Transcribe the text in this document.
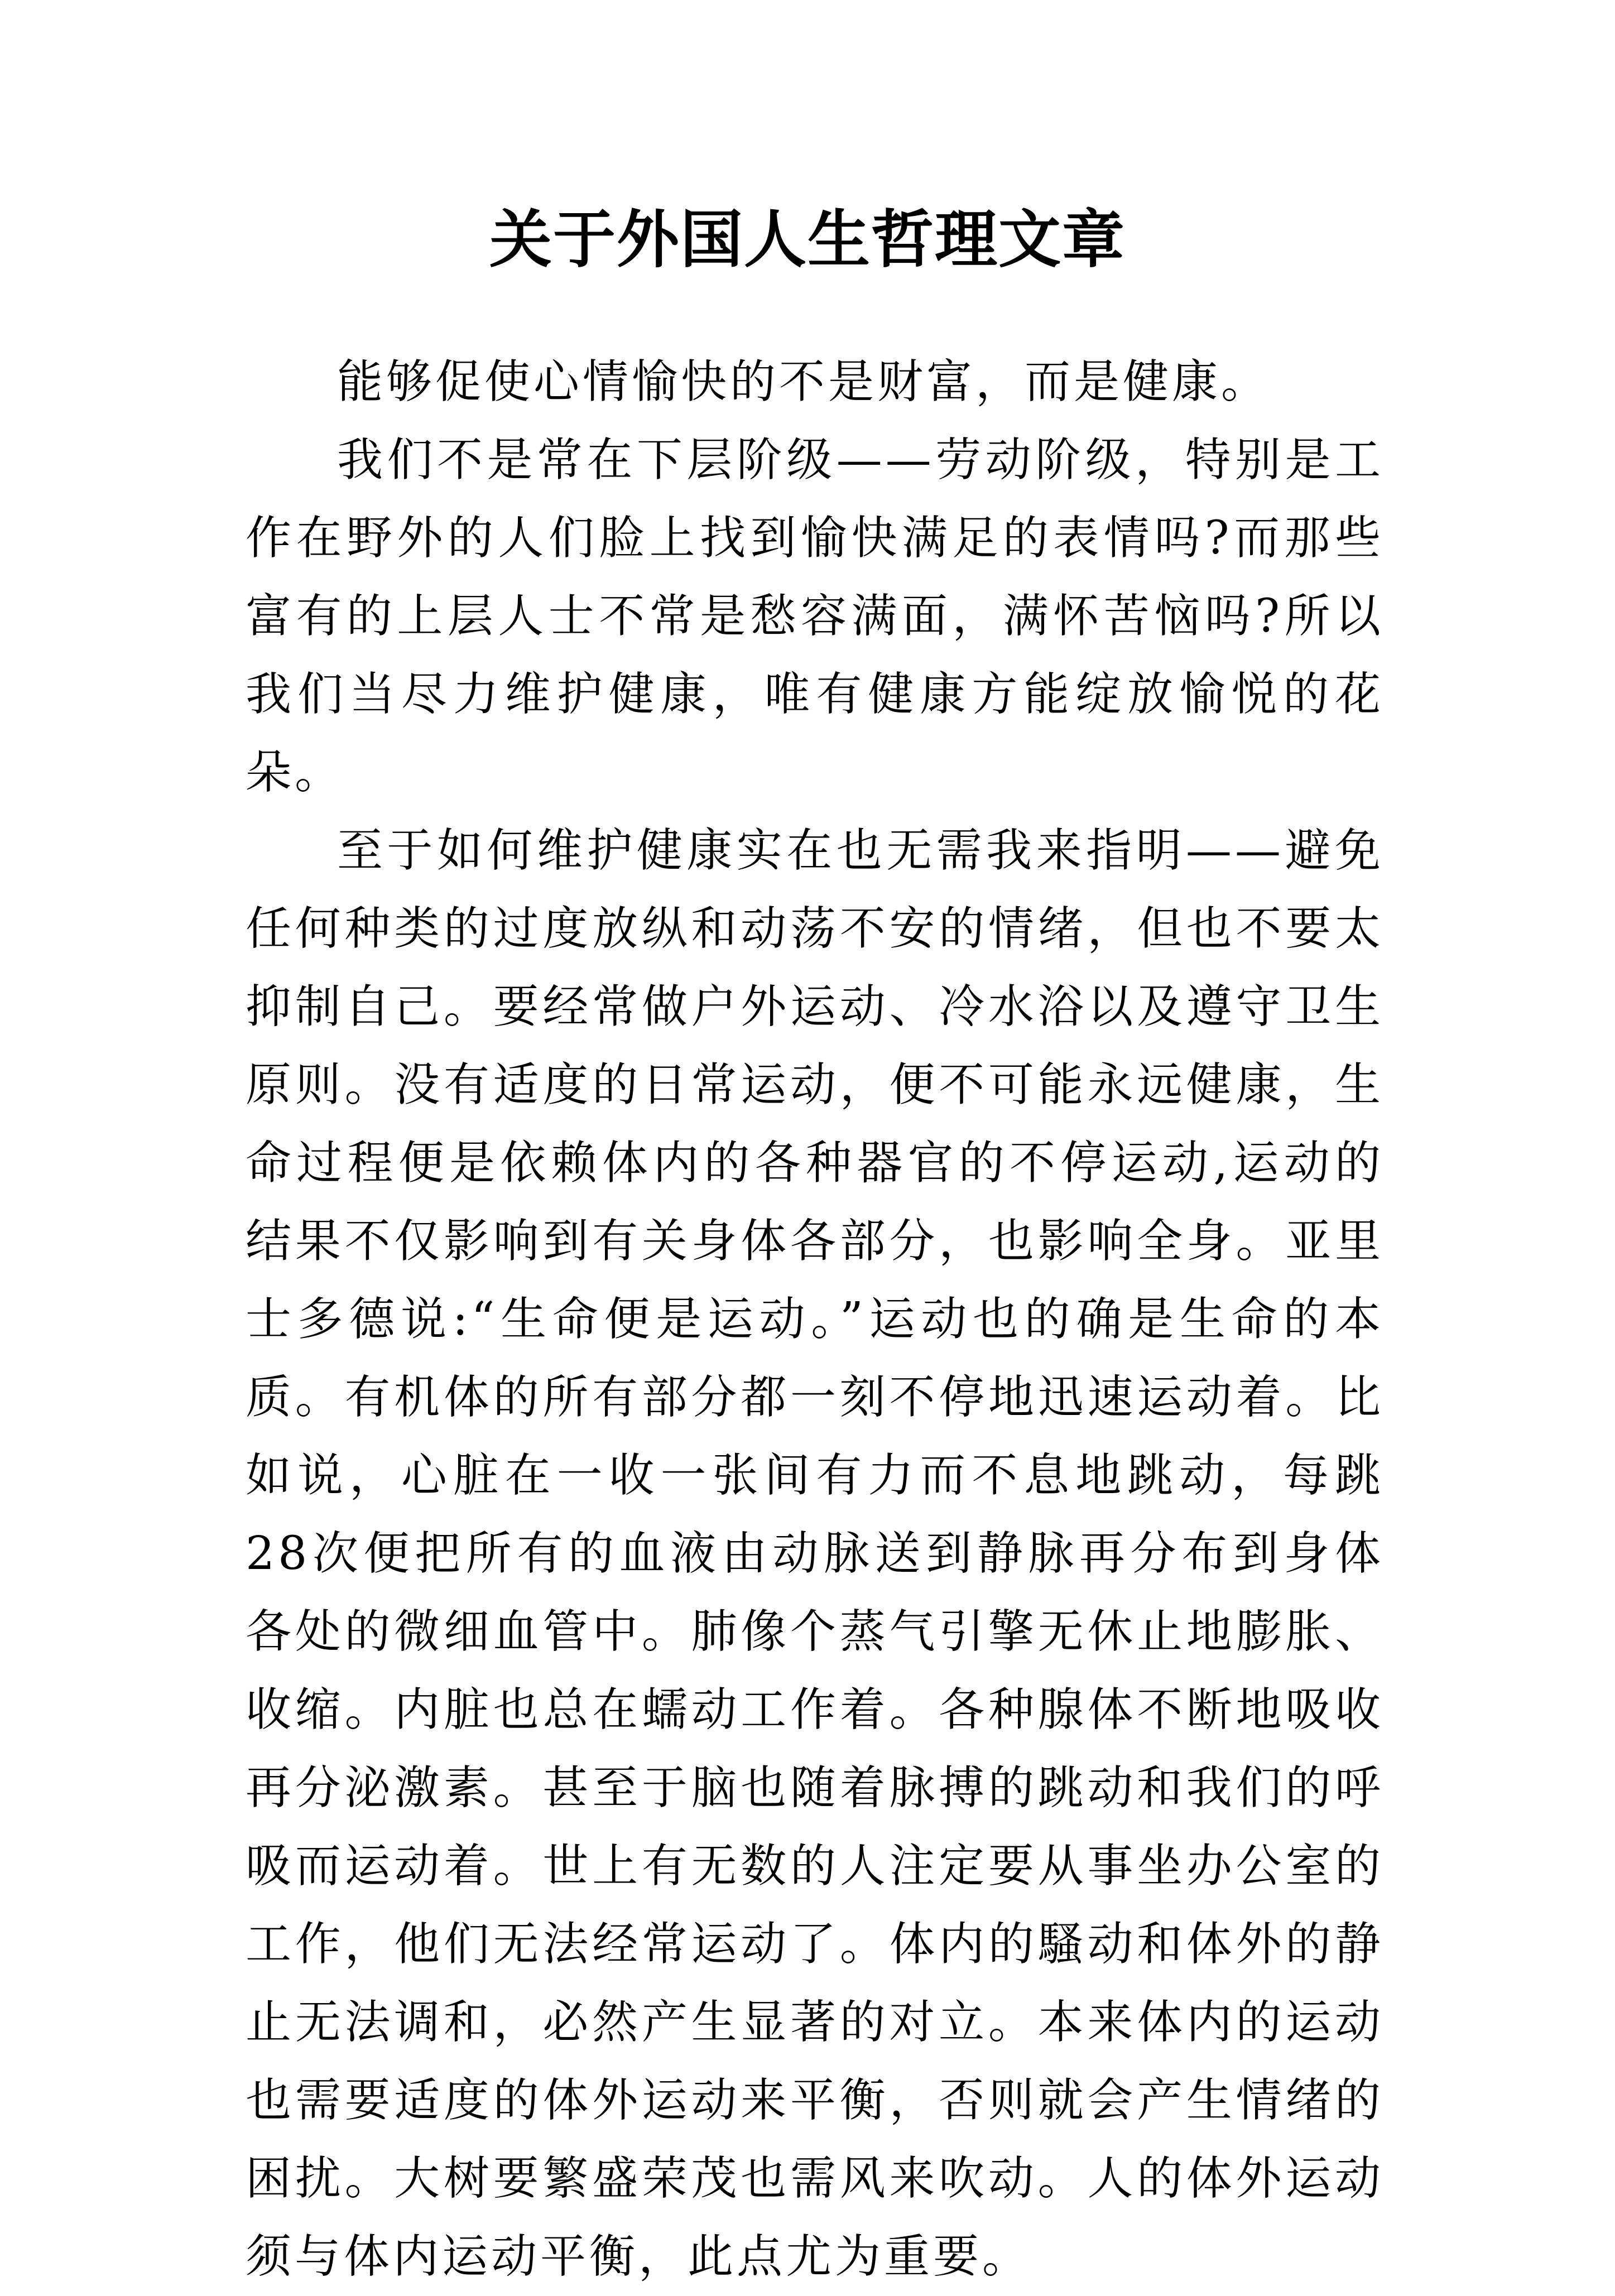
关于外国人生哲理文章

能够促使心情愉快的不是财富，而是健康。

我们不是常在下层阶级——劳动阶级，特别是工作在野外的人们脸上找到愉快满足的表情吗?而那些富有的上层人士不常是愁容满面，满怀苦恼吗?所以我们当尽力维护健康，唯有健康方能绽放愉悦的花朵。

至于如何维护健康实在也无需我来指明——避免任何种类的过度放纵和动荡不安的情绪，但也不要太抑制自己。要经常做户外运动、冷水浴以及遵守卫生原则。没有适度的日常运动，便不可能永远健康，生命过程便是依赖体内的各种器官的不停运动,运动的结果不仅影响到有关身体各部分，也影响全身。亚里士多德说:“生命便是运动。”运动也的确是生命的本质。有机体的所有部分都一刻不停地迅速运动着。比如说，心脏在一收一张间有力而不息地跳动，每跳28次便把所有的血液由动脉送到静脉再分布到身体各处的微细血管中。肺像个蒸气引擎无休止地膨胀、收缩。内脏也总在蠕动工作着。各种腺体不断地吸收再分泌激素。甚至于脑也随着脉搏的跳动和我们的呼吸而运动着。世上有无数的人注定要从事坐办公室的工作，他们无法经常运动了。体内的騷动和体外的静止无法调和，必然产生显著的对立。本来体内的运动也需要适度的体外运动来平衡，否则就会产生情绪的困扰。大树要繁盛荣茂也需风来吹动。人的体外运动须与体内运动平衡，此点尤为重要。
